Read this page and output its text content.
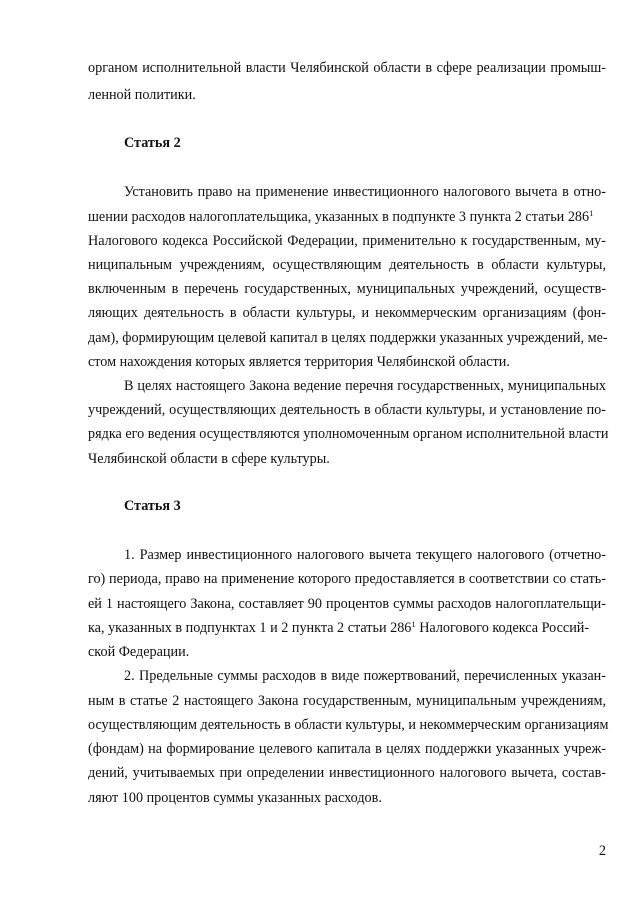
органом исполнительной власти Челябинской области в сфере реализации промыш-
ленной политики.
Статья 2
Установить право на применение инвестиционного налогового вычета в отно-
шении расходов налогоплательщика, указанных в подпункте 3 пункта 2 статьи $286^1$
Налогового кодекса Российской Федерации, применительно к государственным, му-
ниципальным учреждениям, осуществляющим деятельность в области культуры,
включенным в перечень государственных, муниципальных учреждений, осуществ-
ляющих деятельность в области культуры, и некоммерческим организациям (фон-
дам), формирующим целевой капитал в целях поддержки указанных учреждений, ме-
стом нахождения которых является территория Челябинской области.
В целях настоящего Закона ведение перечня государственных, муниципальных
учреждений, осуществляющих деятельность в области культуры, и установление по-
рядка его ведения осуществляются уполномоченным органом исполнительной власти
Челябинской области в сфере культуры.
Статья 3
1. Размер инвестиционного налогового вычета текущего налогового (отчетно-
го) периода, право на применение которого предоставляется в соответствии со стать-
ей 1 настоящего Закона, составляет 90 процентов суммы расходов налогоплательщи-
ка, указанных в подпунктах 1 и 2 пункта 2 статьи $286^1$ Налогового кодекса Россий-
ской Федерации.
2. Предельные суммы расходов в виде пожертвований, перечисленных указан-
ным в статье 2 настоящего Закона государственным, муниципальным учреждениям,
осуществляющим деятельность в области культуры, и некоммерческим организациям
(фондам) на формирование целевого капитала в целях поддержки указанных учреж-
дений, учитываемых при определении инвестиционного налогового вычета, состав-
ляют 100 процентов суммы указанных расходов.
2
